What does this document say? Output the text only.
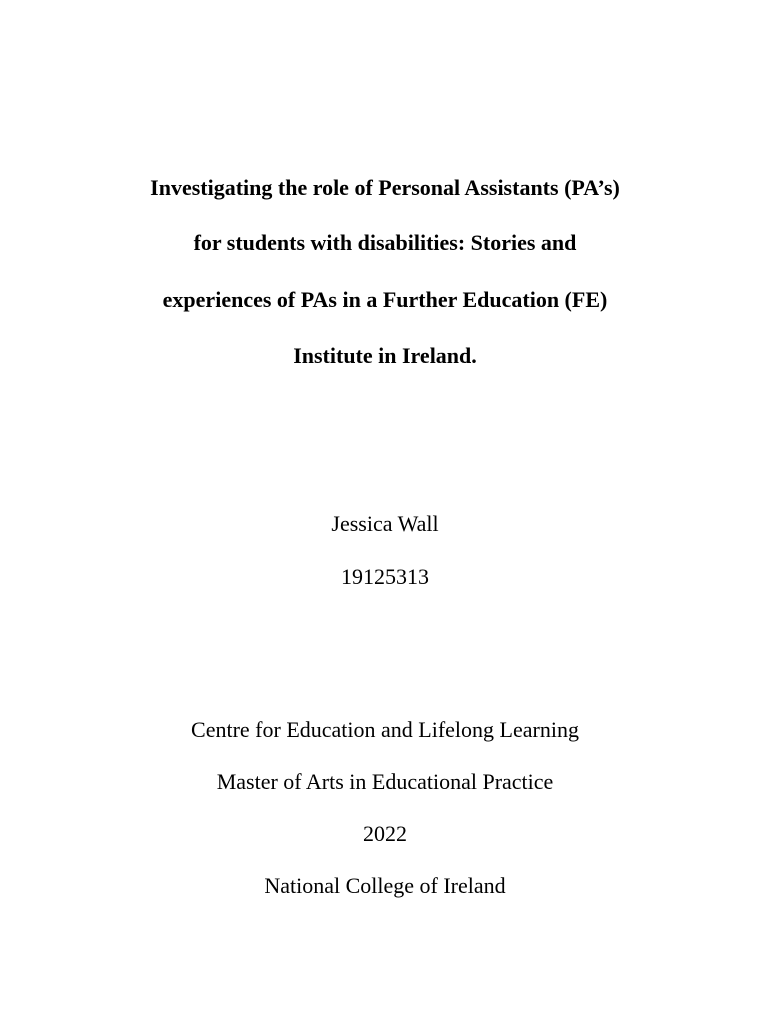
Investigating the role of Personal Assistants (PA’s)
for students with disabilities: Stories and
experiences of PAs in a Further Education (FE)
Institute in Ireland.
Jessica Wall
19125313
Centre for Education and Lifelong Learning
Master of Arts in Educational Practice
2022
National College of Ireland
